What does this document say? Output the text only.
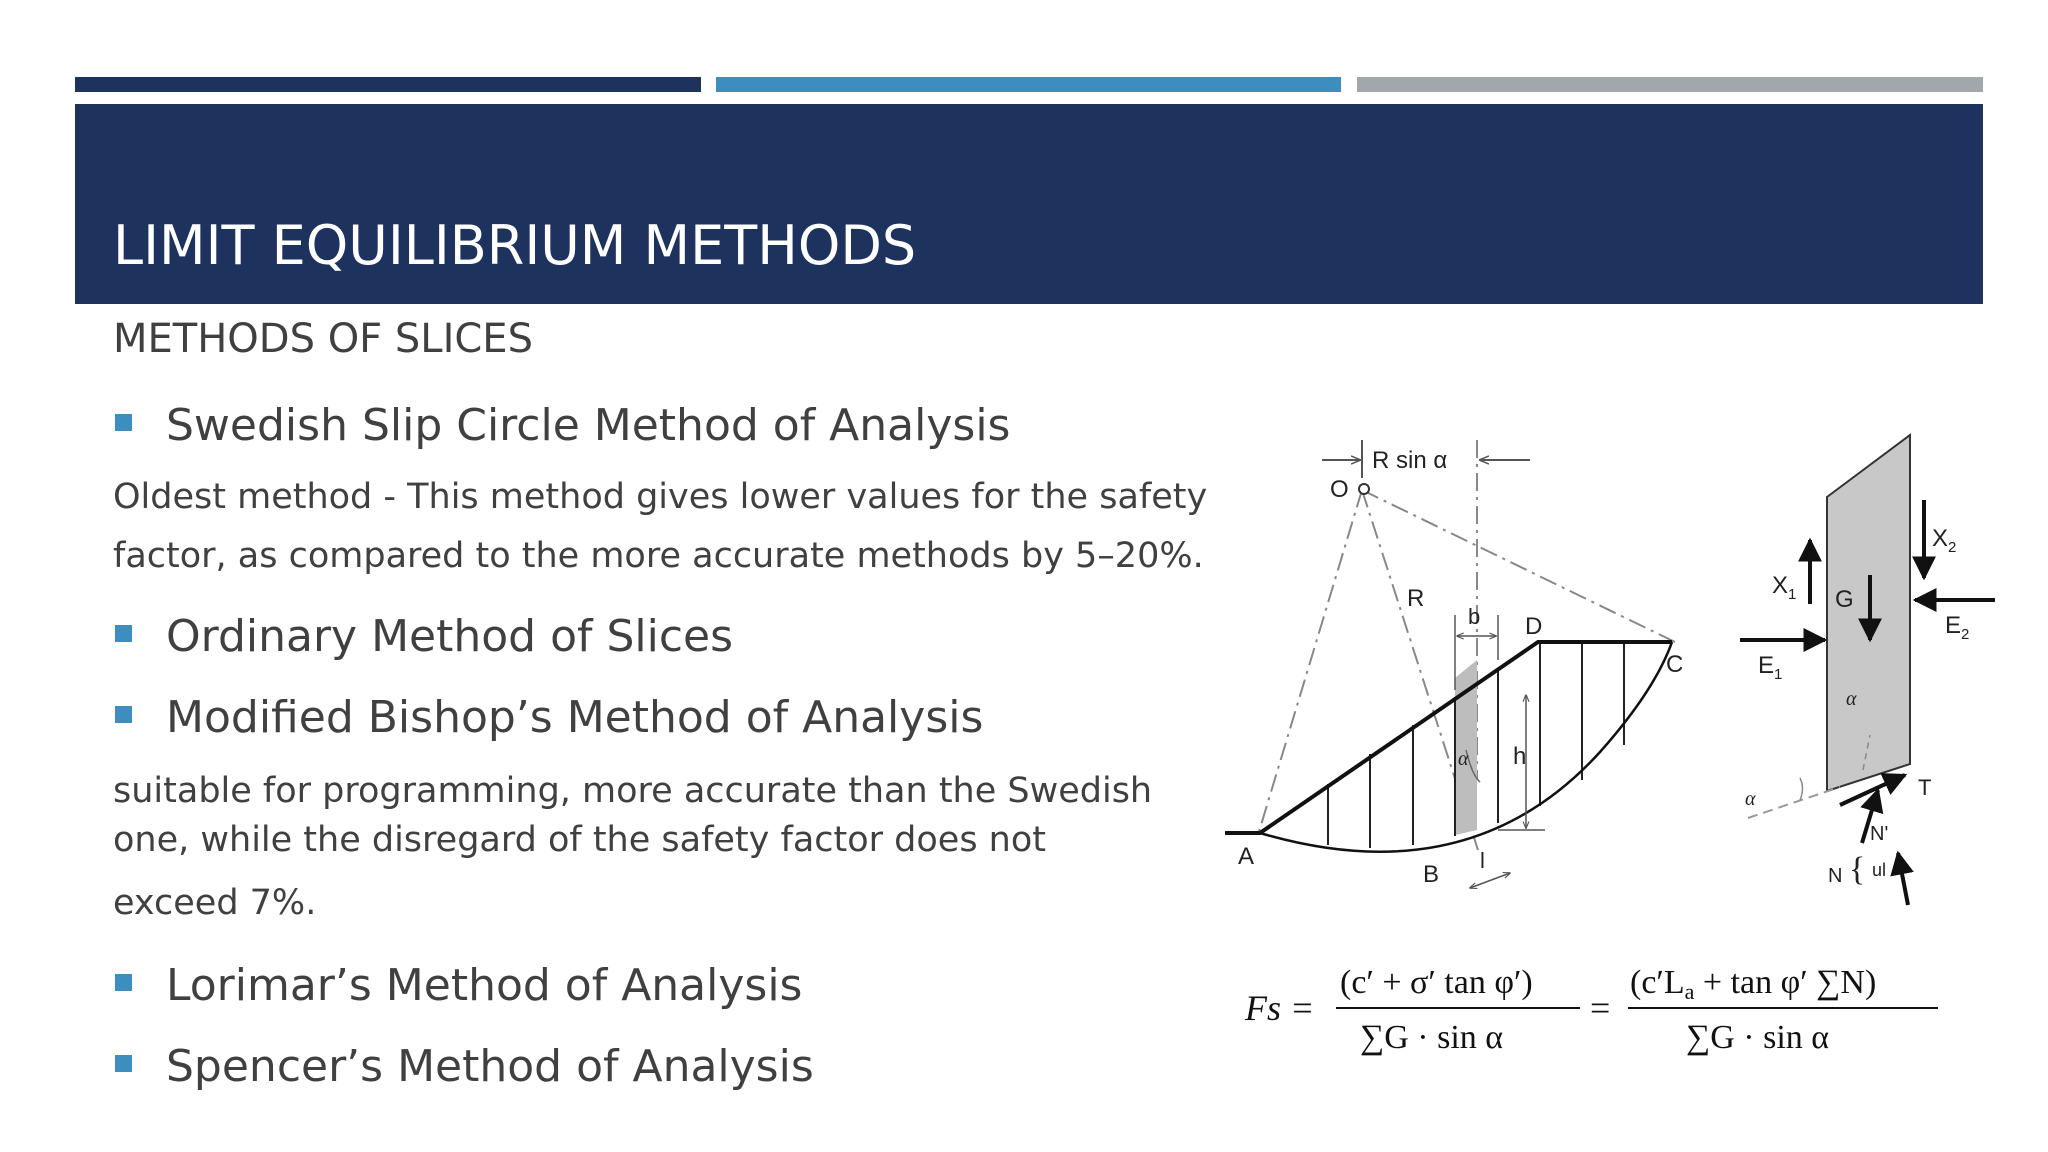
LIMIT EQUILIBRIUM METHODS
METHODS OF SLICES
Swedish Slip Circle Method of Analysis
Oldest method - This method gives lower values for the safety
factor, as compared to the more accurate methods by 5–20%.
Ordinary Method of Slices
Modified Bishop’s Method of Analysis
suitable for programming, more accurate than the Swedish
one, while the disregard of the safety factor does not
exceed 7%.
Lorimar’s Method of Analysis
Spencer’s Method of Analysis
R sin α
O
R
b D
C
α h
A
B
l
$X_1$
$X_2$
G
$E_1$
$E_2$
α
α	T
N {
N'
ul
Fs =
(c′ + σ′ tan φ′)
∑G · sin α
=
(c′La + tan φ′ ∑N)
∑G · sin α
